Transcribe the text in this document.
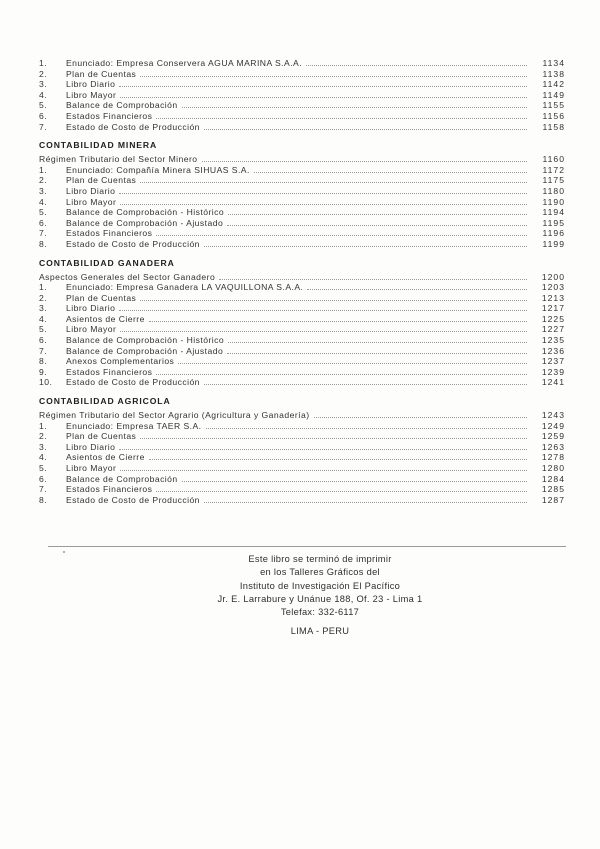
1.	Enunciado: Empresa Conservera AGUA MARINA S.A.A.	1134
2.	Plan de Cuentas	1138
3.	Libro Diario	1142
4.	Libro Mayor	1149
5.	Balance de Comprobación	1155
6.	Estados Financieros	1156
7.	Estado de Costo de Producción	1158
CONTABILIDAD MINERA
Régimen Tributario del Sector Minero	1160
1.	Enunciado: Compañía Minera SIHUAS S.A.	1172
2.	Plan de Cuentas	1175
3.	Libro Diario	1180
4.	Libro Mayor	1190
5.	Balance de Comprobación - Histórico	1194
6.	Balance de Comprobación - Ajustado	1195
7.	Estados Financieros	1196
8.	Estado de Costo de Producción	1199
CONTABILIDAD GANADERA
Aspectos Generales del Sector Ganadero	1200
1.	Enunciado: Empresa Ganadera LA VAQUILLONA S.A.A.	1203
2.	Plan de Cuentas	1213
3.	Libro Diario	1217
4.	Asientos de Cierre	1225
5.	Libro Mayor	1227
6.	Balance de Comprobación - Histórico	1235
7.	Balance de Comprobación - Ajustado	1236
8.	Anexos Complementarios	1237
9.	Estados Financieros	1239
10.	Estado de Costo de Producción	1241
CONTABILIDAD AGRICOLA
Régimen Tributario del Sector Agrario (Agricultura y Ganadería)	1243
1.	Enunciado: Empresa TAER S.A.	1249
2.	Plan de Cuentas	1259
3.	Libro Diario	1263
4.	Asientos de Cierre	1278
5.	Libro Mayor	1280
6.	Balance de Comprobación	1284
7.	Estados Financieros	1285
8.	Estado de Costo de Producción	1287
Este libro se terminó de imprimir
en los Talleres Gráficos del
Instituto de Investigación El Pacífico
Jr. E. Larrabure y Unánue 188, Of. 23 - Lima 1
Telefax: 332-6117
LIMA - PERU
